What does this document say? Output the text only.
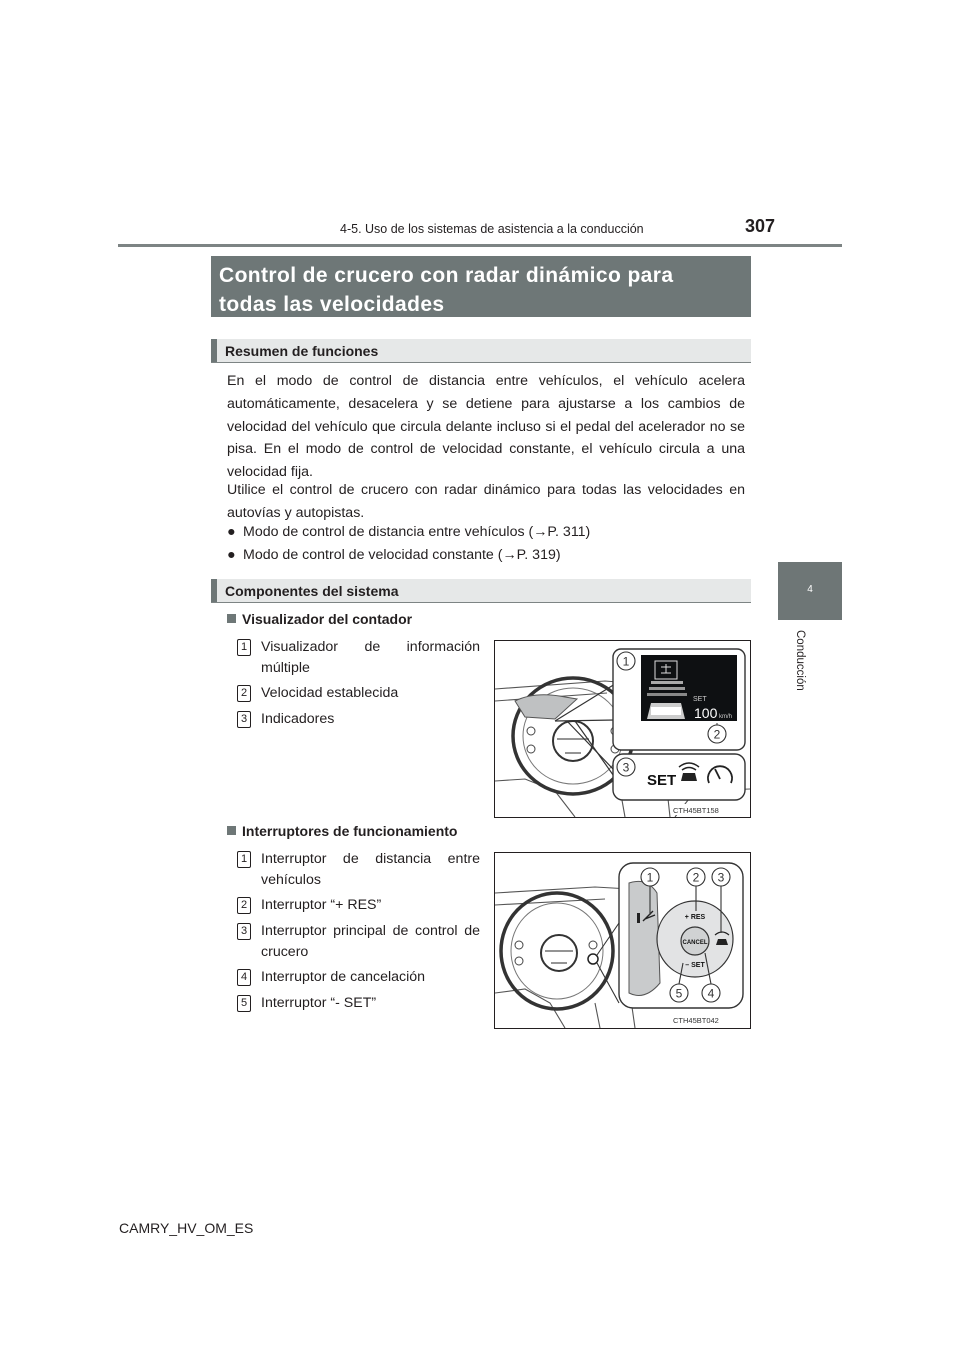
4-5. Uso de los sistemas de asistencia a la conducción	307
4
Conducción
Control de crucero con radar dinámico para
todas las velocidades
Resumen de funciones
En el modo de control de distancia entre vehículos, el vehículo acelera automáticamente, desacelera y se detiene para ajustarse a los cambios de velocidad del vehículo que circula delante incluso si el pedal del acelerador no se pisa. En el modo de control de velocidad constante, el vehículo circula a una velocidad fija.
Utilice el control de crucero con radar dinámico para todas las velocidades en autovías y autopistas.
● Modo de control de distancia entre vehículos (→P. 311)
● Modo de control de velocidad constante (→P. 319)
Componentes del sistema
Visualizador del contador
1 Visualizador de información múltiple
2 Velocidad establecida
3 Indicadores
SET
100 km/h
1
2
3
SET
CTH45BT158
Interruptores de funcionamiento
1 Interruptor de distancia entre vehículos
2 Interruptor “+ RES”
3 Interruptor principal de control de crucero
4 Interruptor de cancelación
5 Interruptor “- SET”
CANCEL
+ RES
– SET
1	2 3
4
5
CTH45BT042
CAMRY_HV_OM_ES
